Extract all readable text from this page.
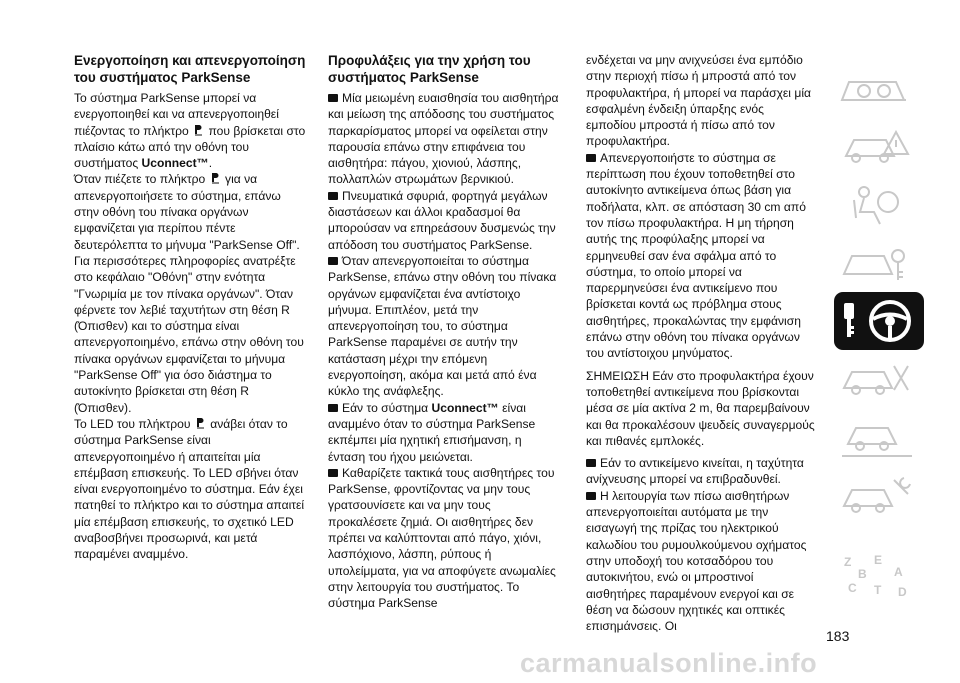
Ενεργοποίηση και απενεργοποίηση του συστήματος ParkSense

Το σύστημα ParkSense μπορεί να ενεργοποιηθεί και να απενεργοποιηθεί πιέζοντας το πλήκτρο που βρίσκεται στο πλαίσιο κάτω από την οθόνη του συστήματος Uconnect™.

Όταν πιέζετε το πλήκτρο για να απενεργοποιήσετε το σύστημα, επάνω στην οθόνη του πίνακα οργάνων εμφανίζεται για περίπου πέντε δευτερόλεπτα το μήνυμα "ParkSense Off". Για περισσότερες πληροφορίες ανατρέξτε στο κεφάλαιο "Οθόνη" στην ενότητα "Γνωριμία με τον πίνακα οργάνων". Όταν φέρνετε τον λεβιέ ταχυτήτων στη θέση R (Όπισθεν) και το σύστημα είναι απενεργοποιημένο, επάνω στην οθόνη του πίνακα οργάνων εμφανίζεται το μήνυμα "ParkSense Off" για όσο διάστημα το αυτοκίνητο βρίσκεται στη θέση R (Όπισθεν).

Το LED του πλήκτρου ανάβει όταν το σύστημα ParkSense είναι απενεργοποιημένο ή απαιτείται μία επέμβαση επισκευής. Το LED σβήνει όταν είναι ενεργοποιημένο το σύστημα. Εάν έχει πατηθεί το πλήκτρο και το σύστημα απαιτεί μία επέμβαση επισκευής, το σχετικό LED αναβοσβήνει προσωρινά, και μετά παραμένει αναμμένο.

Προφυλάξεις για την χρήση του συστήματος ParkSense

Μία μειωμένη ευαισθησία του αισθητήρα και μείωση της απόδοσης του συστήματος παρκαρίσματος μπορεί να οφείλεται στην παρουσία επάνω στην επιφάνεια του αισθητήρα: πάγου, χιονιού, λάσπης, πολλαπλών στρωμάτων βερνικιού.

Πνευματικά σφυριά, φορτηγά μεγάλων διαστάσεων και άλλοι κραδασμοί θα μπορούσαν να επηρεάσουν δυσμενώς την απόδοση του συστήματος ParkSense.

Όταν απενεργοποιείται το σύστημα ParkSense, επάνω στην οθόνη του πίνακα οργάνων εμφανίζεται ένα αντίστοιχο μήνυμα. Επιπλέον, μετά την απενεργοποίηση του, το σύστημα ParkSense παραμένει σε αυτήν την κατάσταση μέχρι την επόμενη ενεργοποίηση, ακόμα και μετά από ένα κύκλο της ανάφλεξης.

Εάν το σύστημα Uconnect™ είναι αναμμένο όταν το σύστημα ParkSense εκπέμπει μία ηχητική επισήμανση, η ένταση του ήχου μειώνεται.

Καθαρίζετε τακτικά τους αισθητήρες του ParkSense, φροντίζοντας να μην τους γρατσουνίσετε και να μην τους προκαλέσετε ζημιά. Οι αισθητήρες δεν πρέπει να καλύπτονται από πάγο, χιόνι, λασπόχιονο, λάσπη, ρύπους ή υπολείμματα, για να αποφύγετε ανωμαλίες στην λειτουργία του συστήματος. Το σύστημα ParkSense

ενδέχεται να μην ανιχνεύσει ένα εμπόδιο στην περιοχή πίσω ή μπροστά από τον προφυλακτήρα, ή μπορεί να παράσχει μία εσφαλμένη ένδειξη ύπαρξης ενός εμποδίου μπροστά ή πίσω από τον προφυλακτήρα.

Απενεργοποιήστε το σύστημα σε περίπτωση που έχουν τοποθετηθεί στο αυτοκίνητο αντικείμενα όπως βάση για ποδήλατα, κλπ. σε απόσταση 30 cm από τον πίσω προφυλακτήρα. Η μη τήρηση αυτής της προφύλαξης μπορεί να ερμηνευθεί σαν ένα σφάλμα από το σύστημα, το οποίο μπορεί να παρερμηνεύσει ένα αντικείμενο που βρίσκεται κοντά ως πρόβλημα στους αισθητήρες, προκαλώντας την εμφάνιση επάνω στην οθόνη του πίνακα οργάνων του αντίστοιχου μηνύματος.

ΣΗΜΕΙΩΣΗ Εάν στο προφυλακτήρα έχουν τοποθετηθεί αντικείμενα που βρίσκονται μέσα σε μία ακτίνα 2 m, θα παρεμβαίνουν και θα προκαλέσουν ψευδείς συναγερμούς και πιθανές εμπλοκές.

Εάν το αντικείμενο κινείται, η ταχύτητα ανίχνευσης μπορεί να επιβραδυνθεί.

Η λειτουργία των πίσω αισθητήρων απενεργοποιείται αυτόματα με την εισαγωγή της πρίζας του ηλεκτρικού καλωδίου του ρυμουλκούμενου οχήματος στην υποδοχή του κοτσαδόρου του αυτοκινήτου, ενώ οι μπροστινοί αισθητήρες παραμένουν ενεργοί και σε θέση να δώσουν ηχητικές και οπτικές επισημάνσεις. Οι

Z E
B A
C T D
183
carmanualsonline.info
